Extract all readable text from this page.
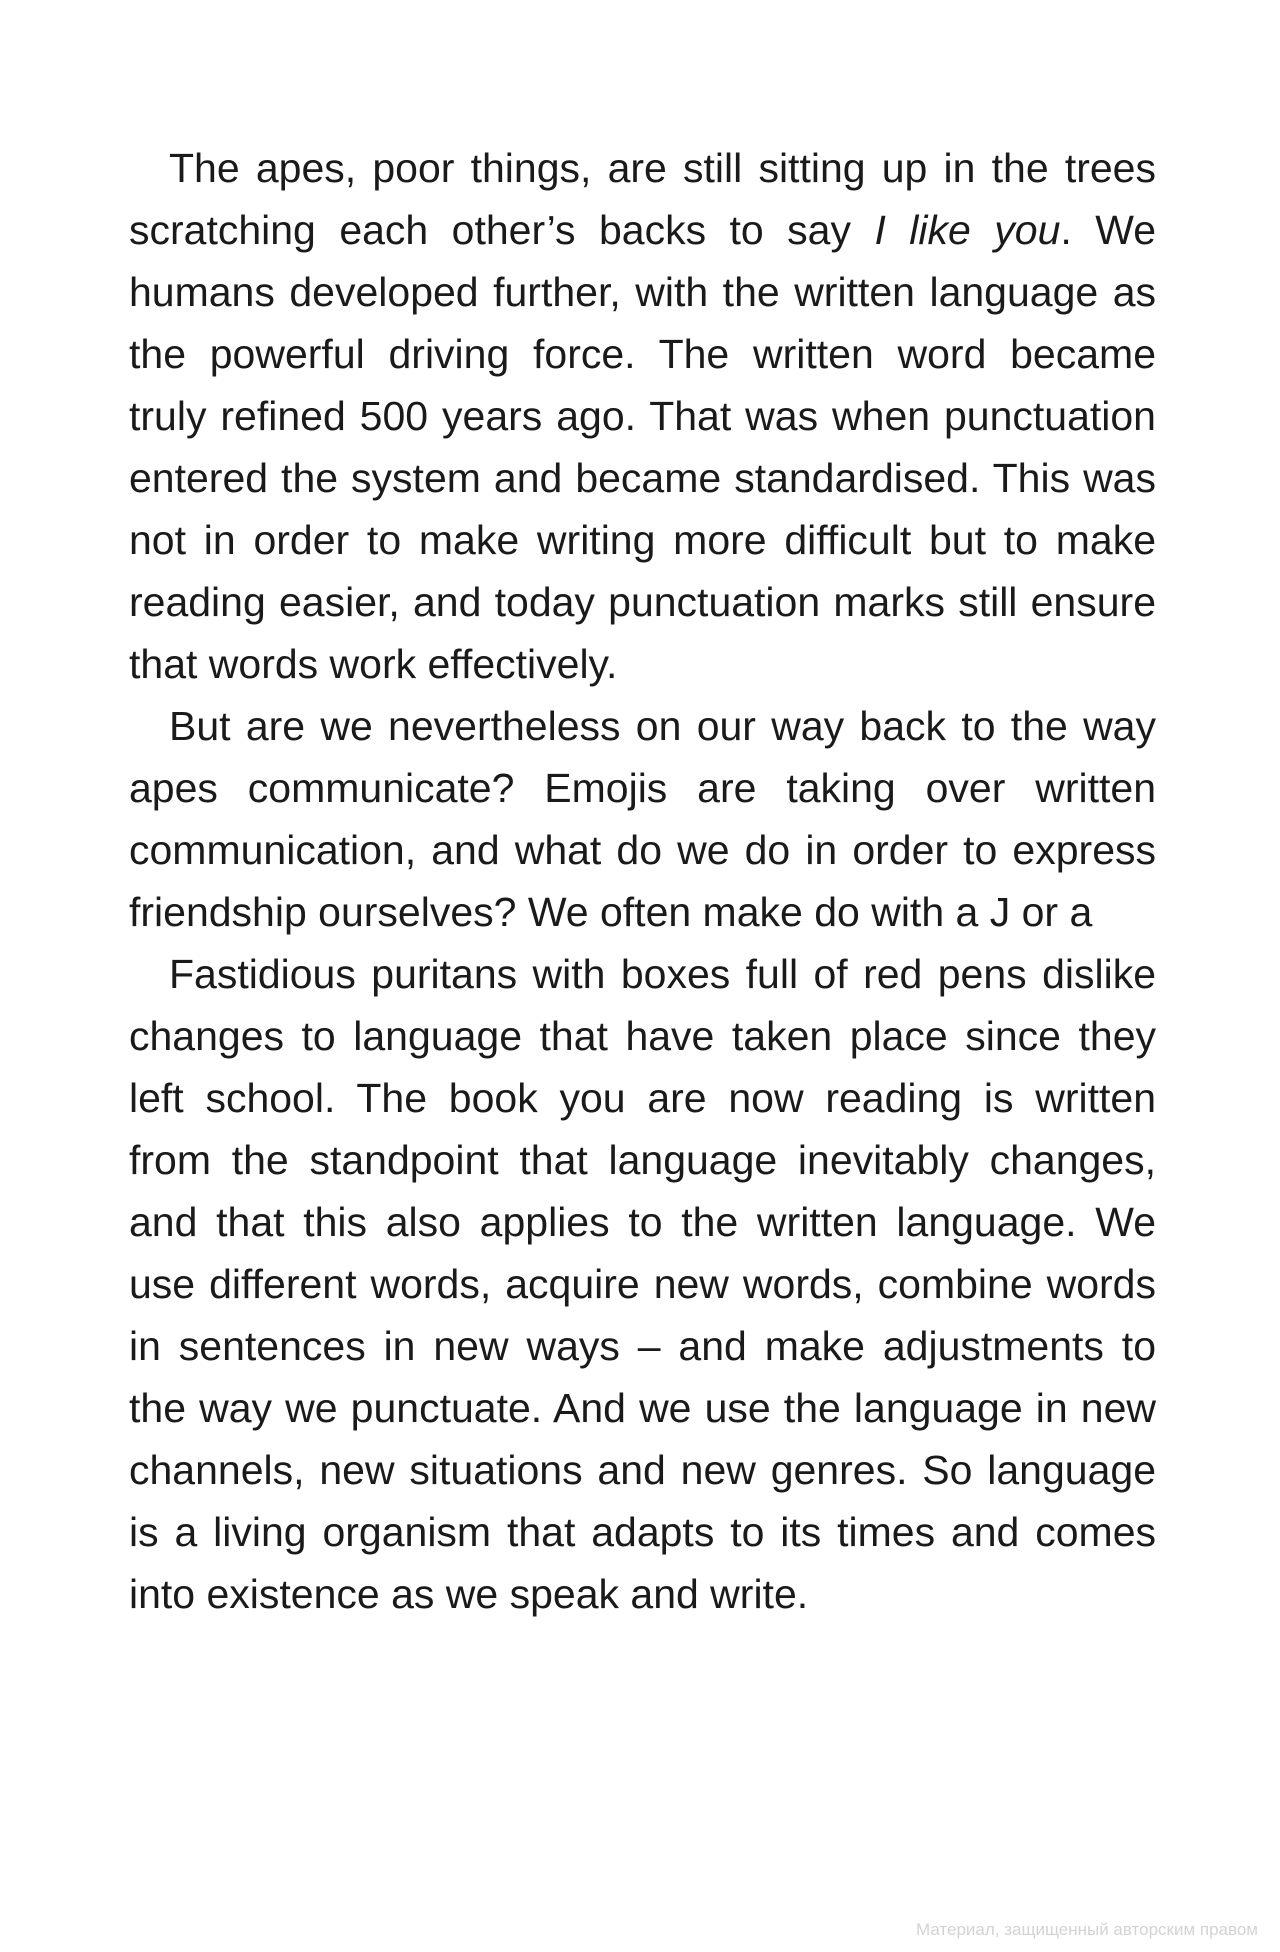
The apes, poor things, are still sitting up in the trees scratching each other’s backs to say I like you. We humans developed further, with the written language as the powerful driving force. The written word became truly refined 500 years ago. That was when punctuation entered the system and became standardised. This was not in order to make writing more difficult but to make reading easier, and today punctuation marks still ensure that words work effectively.

But are we nevertheless on our way back to the way apes communicate? Emojis are taking over written communication, and what do we do in order to express friendship ourselves? We often make do with a J or a

Fastidious puritans with boxes full of red pens dislike changes to language that have taken place since they left school. The book you are now reading is written from the standpoint that language inevitably changes, and that this also applies to the written language. We use different words, acquire new words, combine words in sentences in new ways – and make adjustments to the way we punctuate. And we use the language in new channels, new situations and new genres. So language is a living organism that adapts to its times and comes into existence as we speak and write.

Материал, защищенный авторским правом
